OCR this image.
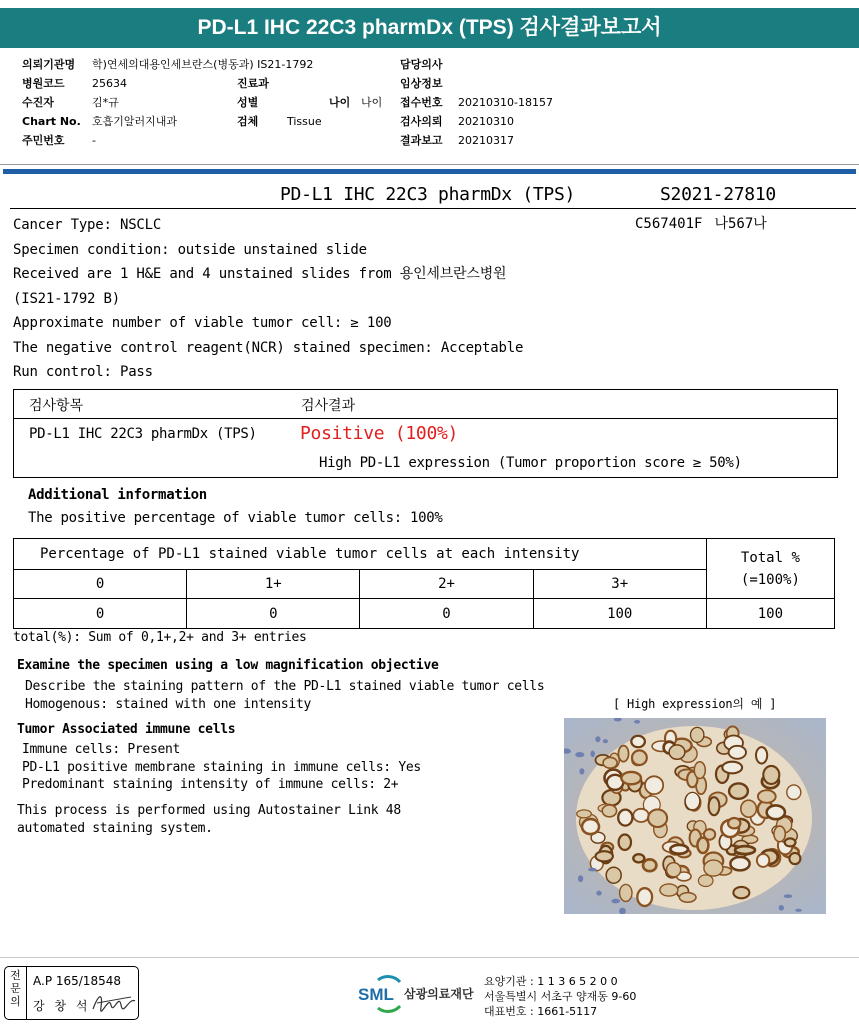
PD-L1 IHC 22C3 pharmDx (TPS) 검사결과보고서
의뢰기관명 학)연세의대용인세브란스(병동과) IS21-1792
병원코드 25634
수진자	김*규
Chart No. 호흡기알러지내과
주민번호 -
진료과
성별	나이 나이
검체	Tissue
담당의사
임상정보
접수번호 20210310-18157
검사의뢰 20210310
결과보고 20210317
PD-L1 IHC 22C3 pharmDx (TPS)	S2021-27810
C567401F 나567나
Cancer Type: NSCLC
Specimen condition: outside unstained slide
Received are 1 H&E and 4 unstained slides from 용인세브란스병원
(IS21-1792 B)
Approximate number of viable tumor cell: ≥ 100
The negative control reagent(NCR) stained specimen: Acceptable
Run control: Pass
검사항목	검사결과
PD-L1 IHC 22C3 pharmDx (TPS) Positive (100%)
High PD-L1 expression (Tumor proportion score ≥ 50%)
Additional information
The positive percentage of viable tumor cells: 100%
Percentage of PD-L1 stained viable tumor cells at each intensity				Total %
(=100%)
0	1+	2+	3+	
0	0	0	100	100
total(%): Sum of 0,1+,2+ and 3+ entries
Examine the specimen using a low magnification objective
Describe the staining pattern of the PD-L1 stained viable tumor cells
Homogenous: stained with one intensity	[ High expression의 예 ]
Tumor Associated immune cells
Immune cells: Present
PD-L1 positive membrane staining in immune cells: Yes
Predominant staining intensity of immune cells: 2+
This process is performed using Autostainer Link 48
automated staining system.
전
문
의
A.P 165/18548
강 창 석
SML 삼광의료재단
요양기관 : 1 1 3 6 5 2 0 0
서울특별시 서초구 양재동 9-60
대표번호 : 1661-5117
